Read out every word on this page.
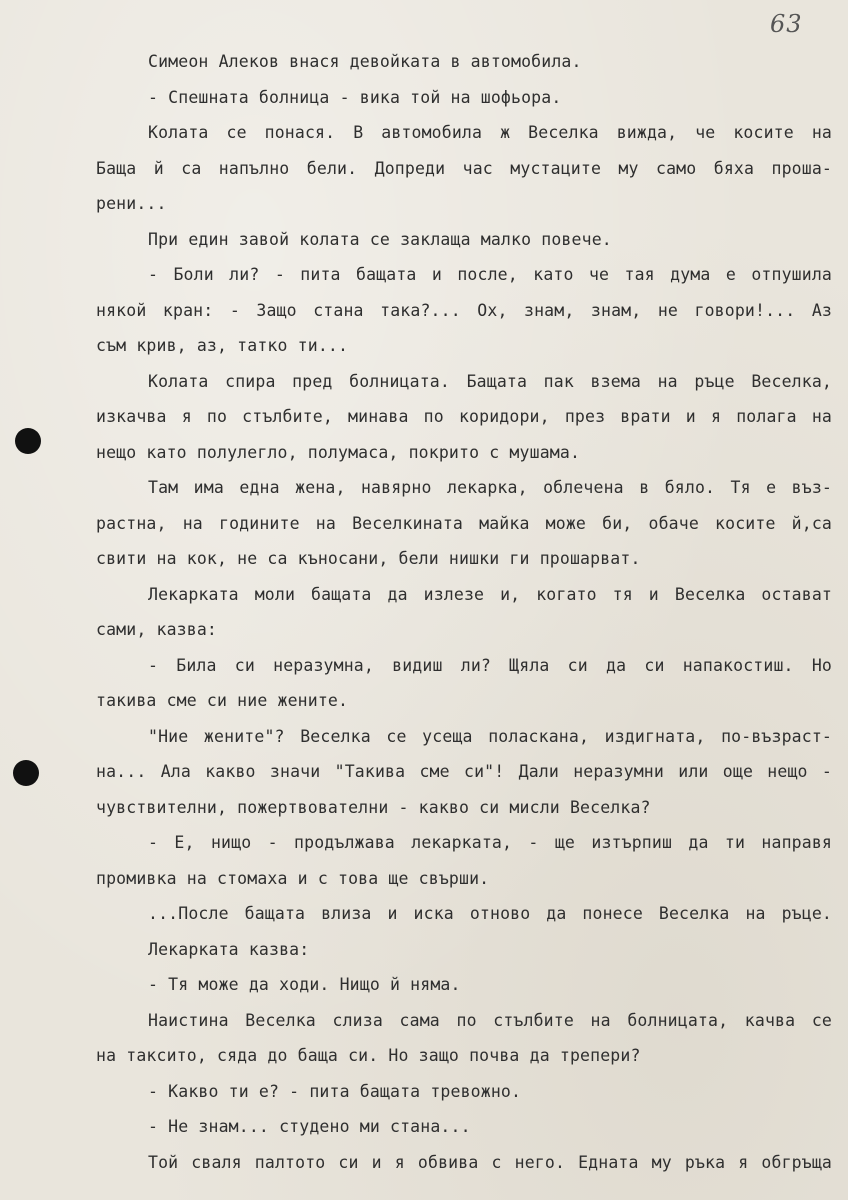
63
Симеон Алеков внася девойката в автомобила.
- Спешната болница - вика той на шофьора.
Колата се понася. В автомобила ж Веселка вижда, че косите на
Баща й са напълно бели. Допреди час мустаците му само бяха прошa-
рени...
При един завой колата се заклаща малко повече.
- Боли ли? - пита бащата и после, като че тая дума е отпушила
някой кран: - Защо стана така?... Ох, знам, знам, не говори!... Аз
съм крив, аз, татко ти...
Колата спира пред болницата. Бащата пак взема на ръце Веселка,
изкачва я по стълбите, минава по коридори, през врати и я полага на
нещо като полулегло, полумаса, покрито с мушама.
Там има една жена, навярно лекарка, облечена в бяло. Тя е въз-
растна, на годините на Веселкината майка може би, обаче косите й,са
свити на кок, не са къносани, бели нишки ги прошарват.
Лекарката моли бащата да излезе и, когато тя и Веселка остават
сами, казва:
- Била си неразумна, видиш ли? Щяла си да си напакостиш. Но
такива сме си ние жените.
"Ние жените"? Веселка се усеща поласкана, издигната, по-възраст-
на... Ала какво значи "Такива сме си"! Дали неразумни или още нещо -
чувствителни, пожертвователни - какво си мисли Веселка?
- Е, нищо - продължава лекарката, - ще изтърпиш да ти направя
промивка на стомаха и с това ще свърши.
...После бащата влиза и иска отново да понесе Веселка на ръце.
Лекарката казва:
- Тя може да ходи. Нищо й няма.
Наистина Веселка слиза сама по стълбите на болницата, качва се
на таксито, сяда до баща си. Но защо почва да трепери?
- Какво ти е? - пита бащата тревожно.
- Не знам... студено ми стана...
Той сваля палтото си и я обвива с него. Едната му ръка я обгръща
